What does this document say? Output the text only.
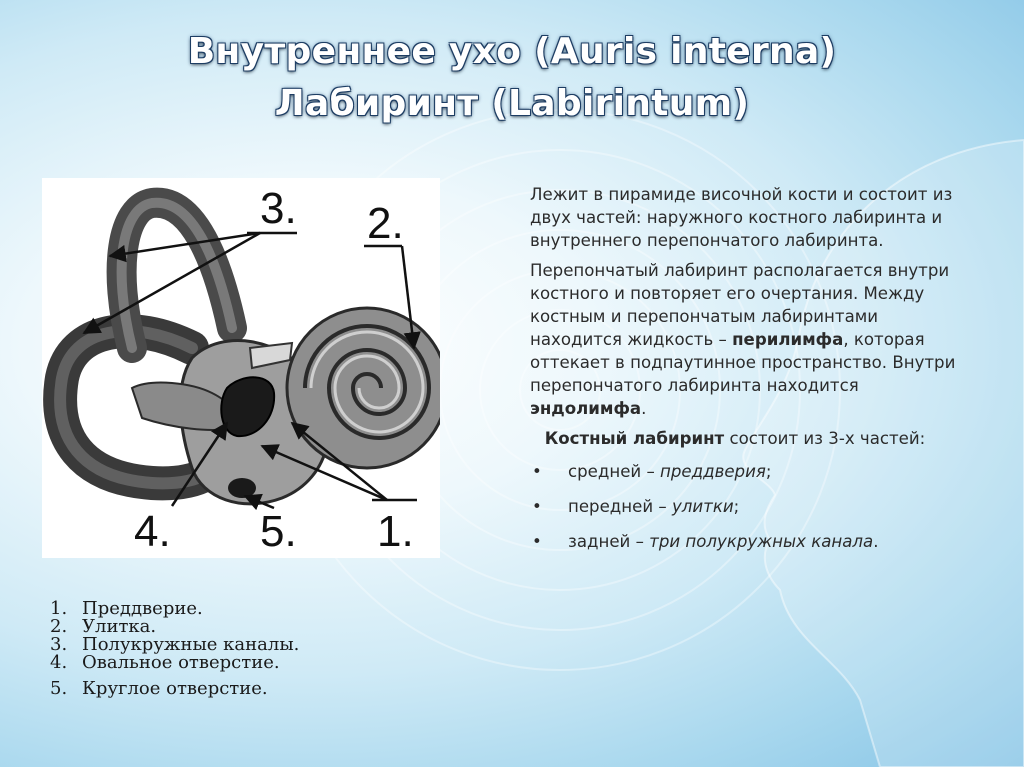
Внутреннее ухо (Auris interna)
Лабиринт (Labirintum)
3. 2.
4. 5. 1.
1. Преддверие.
2. Улитка.
3. Полукружные каналы.
4. Овальное отверстие.
5. Круглое отверстие.

Лежит в пирамиде височной кости и состоит из двух частей: наружного костного лабиринта и внутреннего перепончатого лабиринта.

Перепончатый лабиринт располагается внутри костного и повторяет его очертания. Между костным и перепончатым лабиринтами находится жидкость – перилимфа, которая оттекает в подпаутинное пространство. Внутри перепончатого лабиринта находится эндолимфа.

Костный лабиринт состоит из 3-х частей:

• средней – преддверия;
• передней – улитки;
• задней – три полукружных канала.
